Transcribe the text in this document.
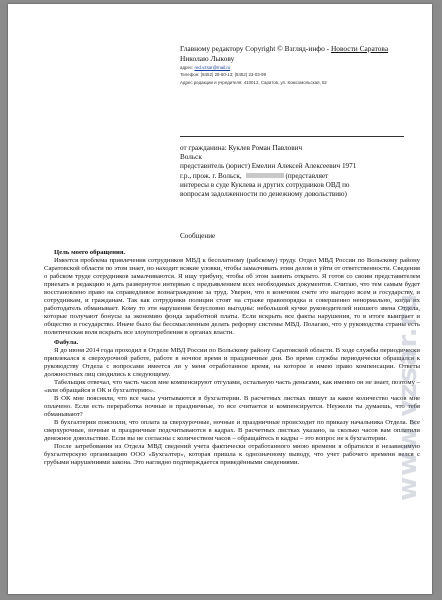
Главному редактору Copyright © Взгляд-инфо - Новости Саратова
Николаю Лыкову
адрес: red.vzsar@mail.ru
Телефон: (8452) 28-60-13; (8452) 23-03-99
Адрес редакции и учредителя: 410012, Саратов, ул. Комсомольская, 52
от гражданина: Куклев Роман Павлович
Вольск
представитель (юрист) Емелин Алексей Алексеевич 1971
г.р., прож. г. Вольск,	(представляет
интересы в суде Куклева и других сотрудников ОВД по
вопросам задолженности по денежному довольствию)
Сообщение

Цель моего обращения.

Имеется проблема привлечения сотрудников МВД к бесплатному (рабскому) труду. Отдел МВД России по Вольскому району Саратовской области по этом знает, но находит всякие уловки, чтобы замалчивать этим делом и уйти от ответственности. Сведения о рабском труде сотрудников замалчиваются. Я ищу трибуну, чтобы об этом заявить открыто. Я готов со своим представителем приехать в редакцию и дать развернутое интервью с предъявлением всех необходимых документов. Считаю, что тем самым будет восстановлено право на справедливое вознаграждение за труд. Уверен, что в конечном счете это выгодно всем и государству, и сотрудникам, и гражданам. Так как сотрудники полиции стоят на страже правопорядка и совершенно ненормально, когда их работодатель обманывает. Кому то эти нарушения безусловно выгодны: небольшой кучке руководителей низшего звена Отдела, которые получают бонусы за экономию фонда заработной платы. Если вскрыть все факты нарушения, то в итоге выиграет и общество и государство. Иначе было бы бессмысленным делать реформу системы МВД. Полагаю, что у руководства страны есть политическая воля вскрыть все злоупотребления в органах власти.

Фабула.

Я до июня 2014 года проходил в Отделе МВД России по Вольскому району Саратовской области. В ходе службы периодически привлекался к сверхурочной работе, работе в ночное время и праздничные дни. Во время службы периодически обращался к руководству Отдела с вопросами имеется ли у меня отработанное время, на которое я имею право компенсации. Ответы должностных лиц сводились к следующему.

Табельщик отвечал, что часть часов мне компенсируют отгулами, остальную часть деньгами, как именно он не знает, поэтому – «или обращайся в ОК и бухгалтерию».

В ОК мне поясняли, что все часы учитываются в бухгалтерии. В расчетных листках пишут за какое количество часов мне оплачено. Если есть переработка ночные и праздничные, то все считается и компенсируется. Неужели ты думаешь, что тебя обманывают?

В бухгалтерии пояснили, что оплата за сверхурочные, ночные и праздничные происходит по приказу начальника Отдела. Все сверхурочные, ночные и праздничные подсчитываются в кадрах. В расчетных листках указано, за сколько часов вам оплатили денежное довольствие. Если вы не согласны с количеством часов – обращайтесь в кадры – это вопрос не к бухгалтерии.

После затребования из Отдела МВД сведений учета фактически отработанного мною времени я обратился в независимую бухгалтерскую организацию ООО «Бухгалтер», которая пришла к однозначному выводу, что учет рабочего времени велся с грубыми нарушениями закона. Это наглядно подтверждается приведёнными сведениями.	www.vzsar.ru
